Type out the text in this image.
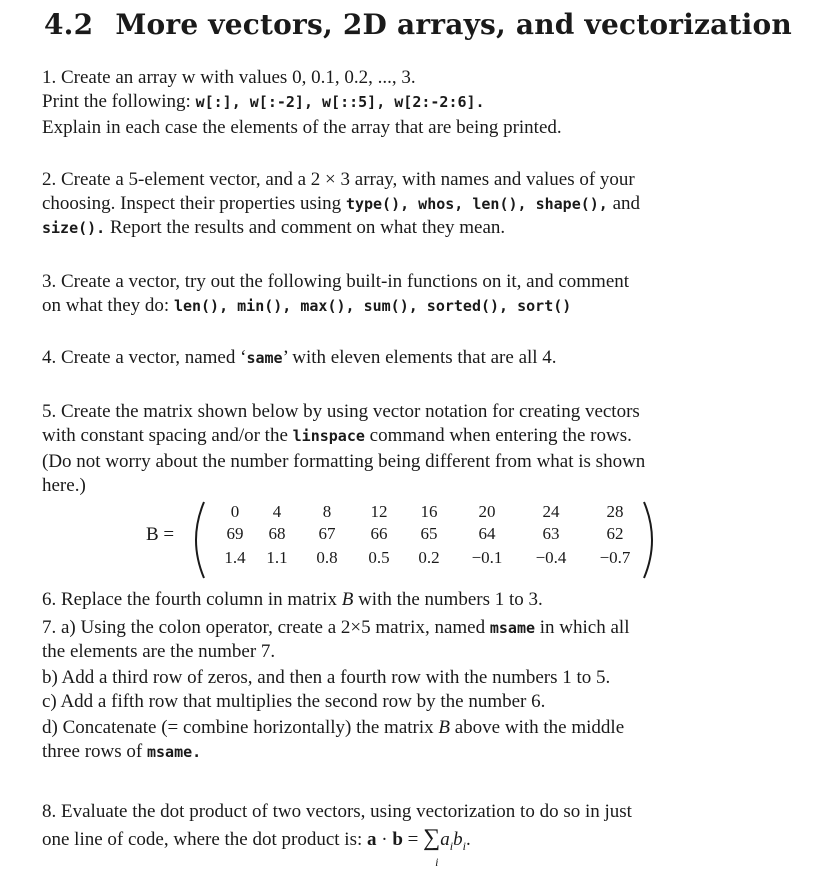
4.2 More vectors, 2D arrays, and vectorization
1. Create an array w with values 0, 0.1, 0.2, ..., 3.
Print the following: w[:], w[:-2], w[::5], w[2:-2:6].
Explain in each case the elements of the array that are being printed.
2. Create a 5-element vector, and a 2 × 3 array, with names and values of your
choosing. Inspect their properties using type(), whos, len(), shape(), and
size(). Report the results and comment on what they mean.
3. Create a vector, try out the following built-in functions on it, and comment
on what they do: len(), min(), max(), sum(), sorted(), sort()
4. Create a vector, named ‘same’ with eleven elements that are all 4.
5. Create the matrix shown below by using vector notation for creating vectors
with constant spacing and/or the linspace command when entering the rows.
(Do not worry about the number formatting being different from what is shown
here.)
B =
0	4	8	12	16	20	24	28
69	68	67	66	65	64	63	62
1.4	1.1	0.8	0.5	0.2	−0.1	−0.4	−0.7
6. Replace the fourth column in matrix B with the numbers 1 to 3.
7. a) Using the colon operator, create a 2×5 matrix, named msame in which all
the elements are the number 7.
b) Add a third row of zeros, and then a fourth row with the numbers 1 to 5.
c) Add a fifth row that multiplies the second row by the number 6.
d) Concatenate (= combine horizontally) the matrix B above with the middle
three rows of msame.
8. Evaluate the dot product of two vectors, using vectorization to do so in just
one line of code, where the dot product is: a · b = ∑
i
$a_ib_i$.
